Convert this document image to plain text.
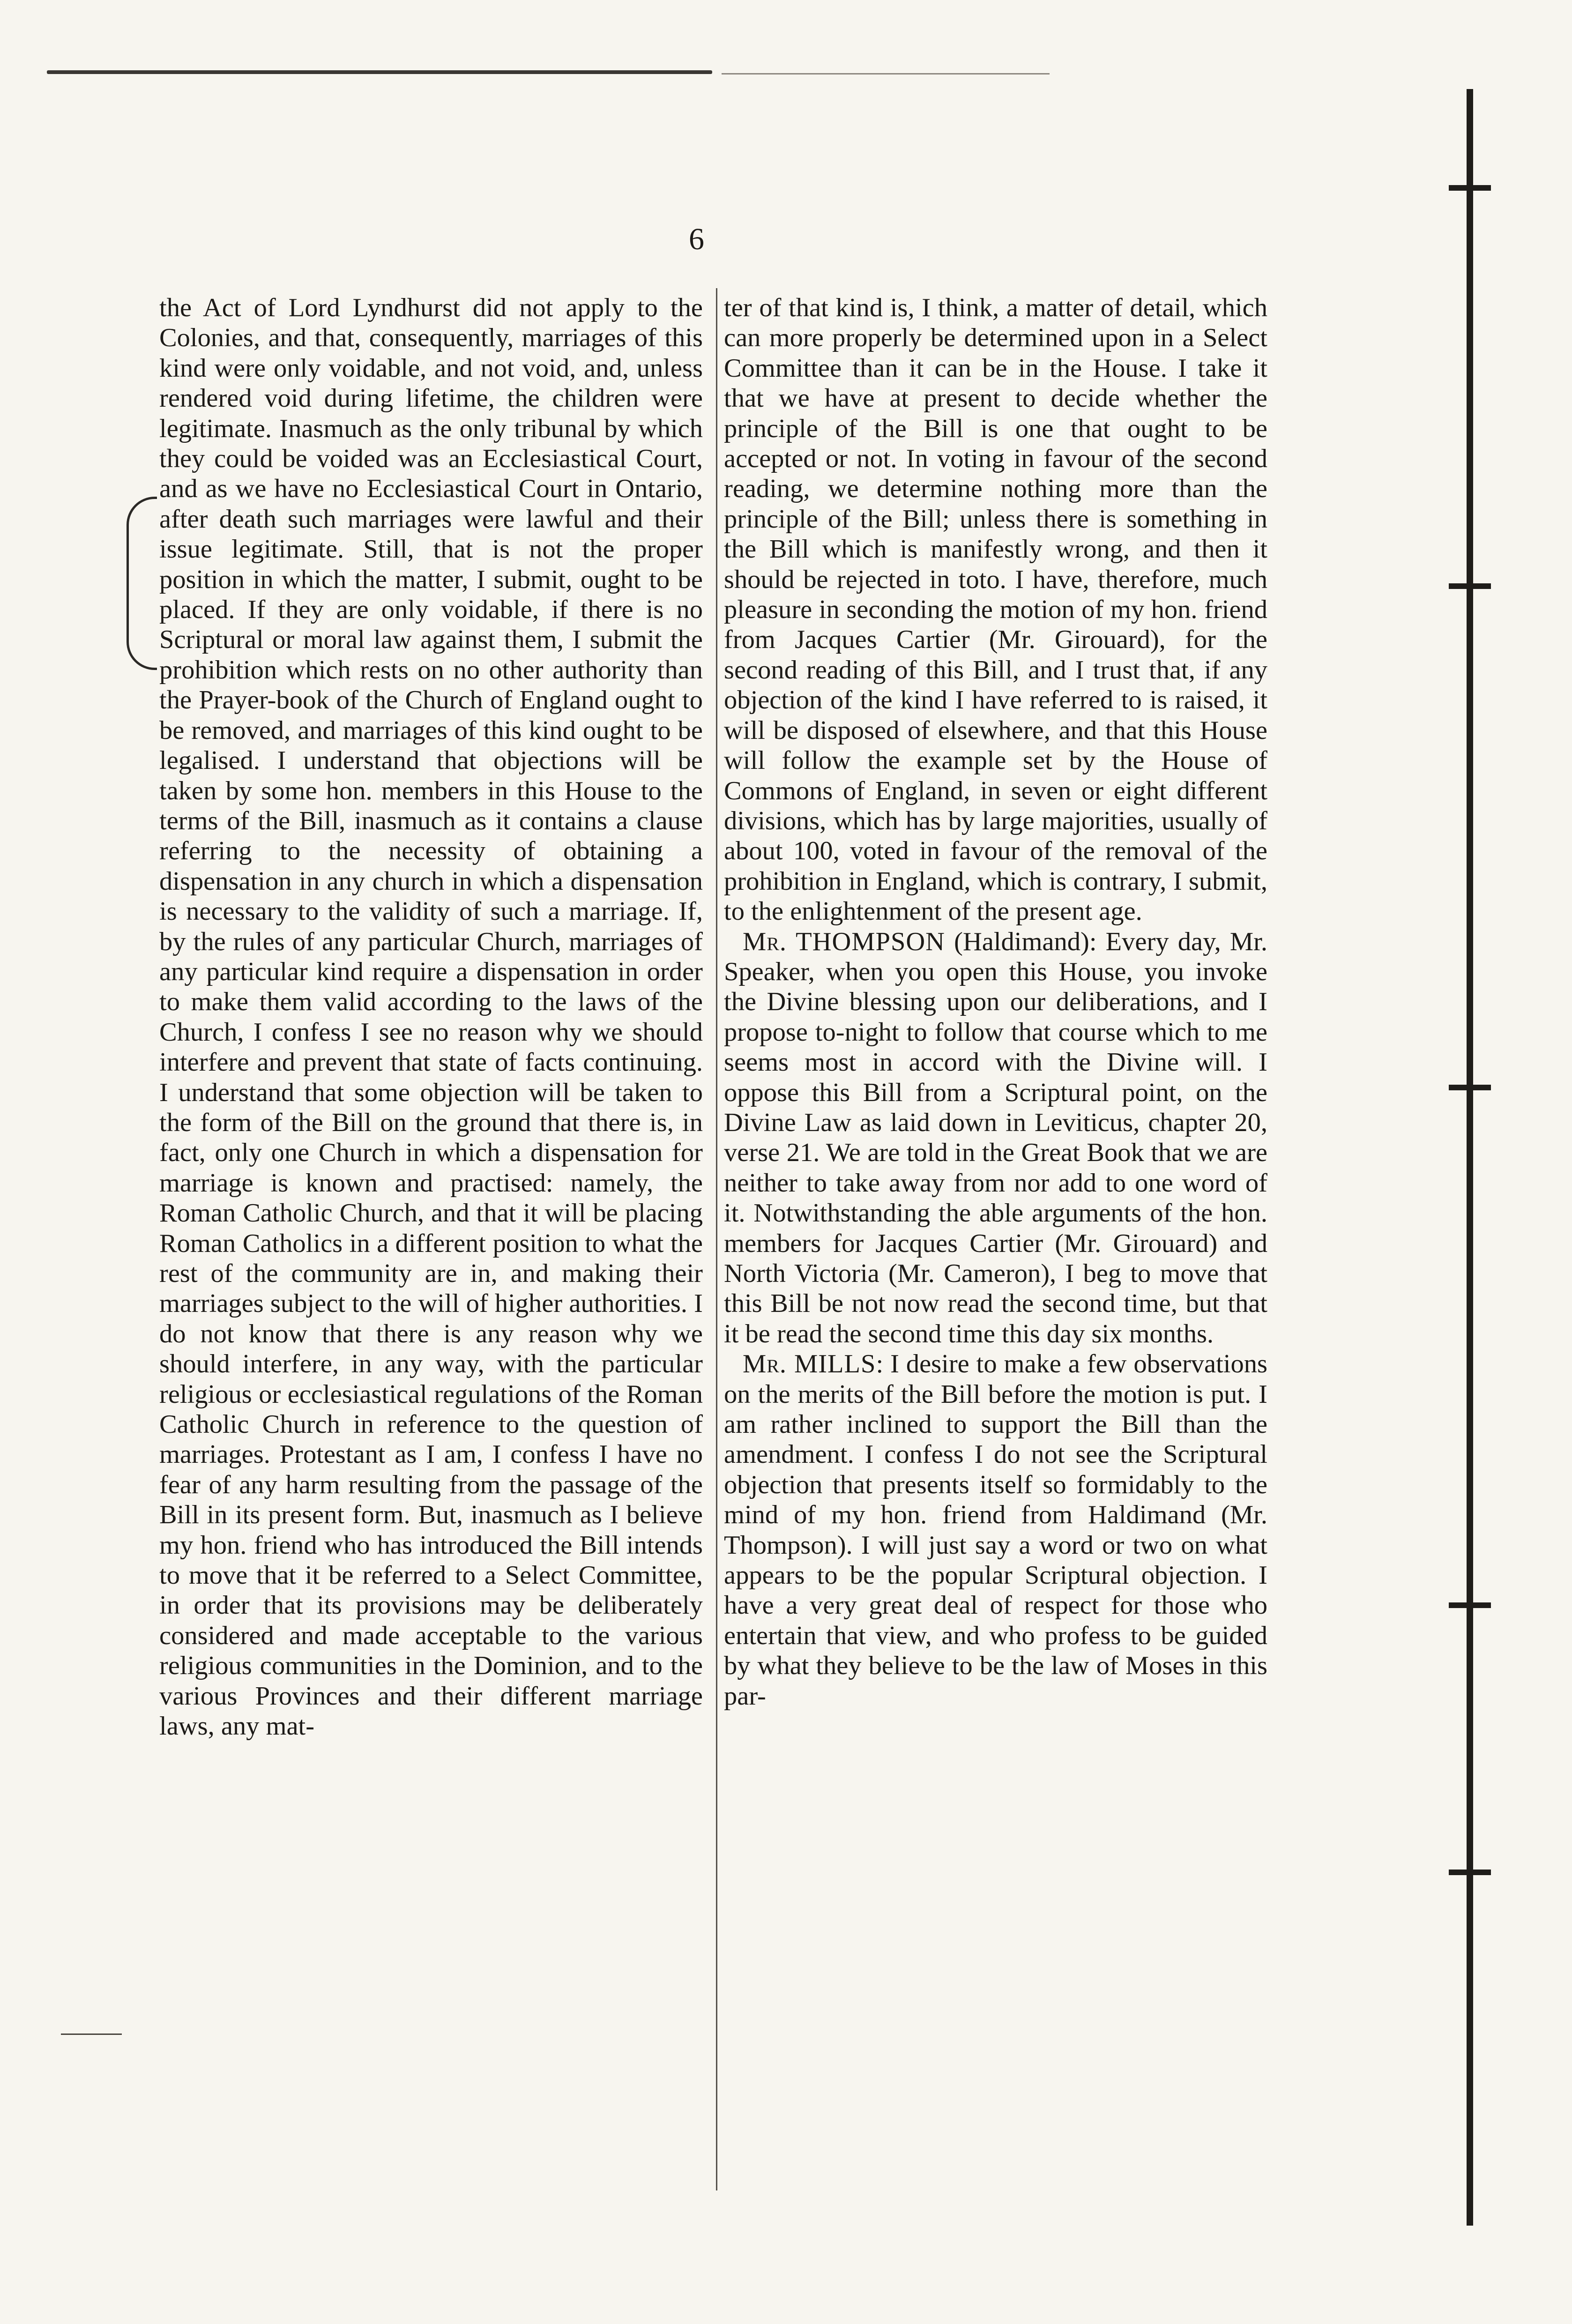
6

the Act of Lord Lyndhurst did not apply to the Colonies, and that, consequently, marriages of this kind were only voidable, and not void, and, unless rendered void during lifetime, the children were legitimate. Inasmuch as the only tribunal by which they could be voided was an Ecclesiastical Court, and as we have no Ecclesiastical Court in Ontario, after death such marriages were lawful and their issue legitimate. Still, that is not the proper position in which the matter, I submit, ought to be placed. If they are only voidable, if there is no Scriptural or moral law against them, I submit the prohibition which rests on no other authority than the Prayer-book of the Church of England ought to be removed, and marriages of this kind ought to be legalised. I understand that objections will be taken by some hon. members in this House to the terms of the Bill, inasmuch as it contains a clause referring to the necessity of obtaining a dispensation in any church in which a dispensation is necessary to the validity of such a marriage. If, by the rules of any particular Church, marriages of any particular kind require a dispensation in order to make them valid according to the laws of the Church, I confess I see no reason why we should interfere and prevent that state of facts continuing. I understand that some objection will be taken to the form of the Bill on the ground that there is, in fact, only one Church in which a dispensation for marriage is known and practised: namely, the Roman Catholic Church, and that it will be placing Roman Catholics in a different position to what the rest of the community are in, and making their marriages subject to the will of higher authorities. I do not know that there is any reason why we should interfere, in any way, with the particular religious or ecclesiastical regulations of the Roman Catholic Church in reference to the question of marriages. Protestant as I am, I confess I have no fear of any harm resulting from the passage of the Bill in its present form. But, inasmuch as I believe my hon. friend who has introduced the Bill intends to move that it be referred to a Select Committee, in order that its provisions may be deliberately considered and made acceptable to the various religious communities in the Dominion, and to the various Provinces and their different marriage laws, any mat-

ter of that kind is, I think, a matter of detail, which can more properly be determined upon in a Select Committee than it can be in the House. I take it that we have at present to decide whether the principle of the Bill is one that ought to be accepted or not. In voting in favour of the second reading, we determine nothing more than the principle of the Bill; unless there is something in the Bill which is manifestly wrong, and then it should be rejected in toto. I have, therefore, much pleasure in seconding the motion of my hon. friend from Jacques Cartier (Mr. Girouard), for the second reading of this Bill, and I trust that, if any objection of the kind I have referred to is raised, it will be disposed of elsewhere, and that this House will follow the example set by the House of Commons of England, in seven or eight different divisions, which has by large majorities, usually of about 100, voted in favour of the removal of the prohibition in England, which is contrary, I submit, to the enlightenment of the present age.

Mr. THOMPSON (Haldimand): Every day, Mr. Speaker, when you open this House, you invoke the Divine blessing upon our deliberations, and I propose to-night to follow that course which to me seems most in accord with the Divine will. I oppose this Bill from a Scriptural point, on the Divine Law as laid down in Leviticus, chapter 20, verse 21. We are told in the Great Book that we are neither to take away from nor add to one word of it. Notwithstanding the able arguments of the hon. members for Jacques Cartier (Mr. Girouard) and North Victoria (Mr. Cameron), I beg to move that this Bill be not now read the second time, but that it be read the second time this day six months.

Mr. MILLS: I desire to make a few observations on the merits of the Bill before the motion is put. I am rather inclined to support the Bill than the amendment. I confess I do not see the Scriptural objection that presents itself so formidably to the mind of my hon. friend from Haldimand (Mr. Thompson). I will just say a word or two on what appears to be the popular Scriptural objection. I have a very great deal of respect for those who entertain that view, and who profess to be guided by what they believe to be the law of Moses in this par-
